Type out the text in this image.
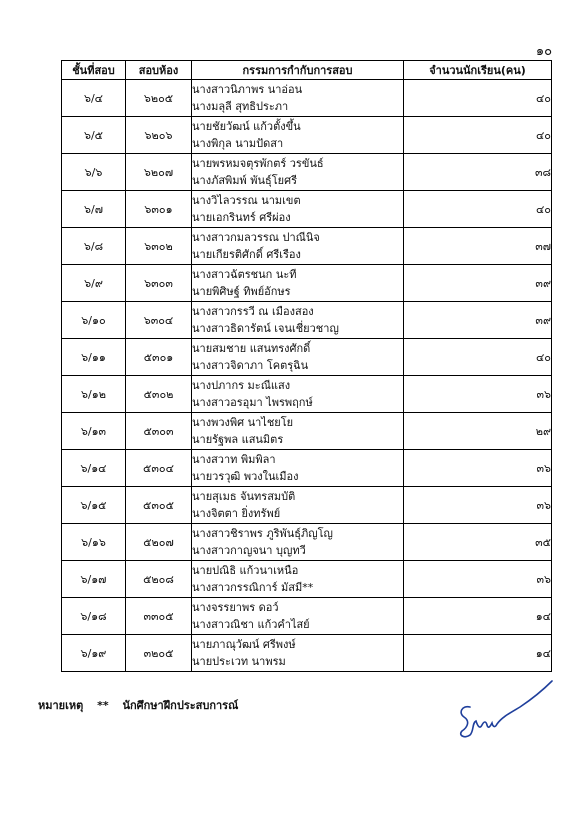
๑๐
ชั้นที่สอบ	สอบห้อง	กรรมการกำกับการสอบ	จำนวนนักเรียน(คน)
๖/๔	๖๒๐๕	นางสาวนิภาพร นาอ่อน
นางมลุลี สุทธิประภา	๔๐
๖/๕	๖๒๐๖	นายชัยวัฒน์ แก้วตั้งขึ้น
นางพิกุล นามปัดสา	๔๐
๖/๖	๖๒๐๗	นายพรหมจตุรพักตร์ วรขันธ์
นางภัสพิมพ์ พันธุ์โยศรี	๓๘
๖/๗	๖๓๐๑	นางวิไลวรรณ นามเขต
นายเอกรินทร์ ศรีผ่อง	๔๐
๖/๘	๖๓๐๒	นางสาวกมลวรรณ ปาณีนิจ
นายเกียรติศักดิ์ ศรีเรือง	๓๗
๖/๙	๖๓๐๓	นางสาวฉัตรชนก นะที
นายพิศิษฐ์ ทิพย์อักษร	๓๙
๖/๑๐	๖๓๐๔	นางสาวกรรวี ณ เมืองสอง
นางสาวธิดารัตน์ เจนเชี่ยวชาญ	๓๙
๖/๑๑	๕๓๐๑	นายสมชาย แสนทรงศักดิ์
นางสาวจิดาภา โคตรุฉิน	๔๐
๖/๑๒	๕๓๐๒	นางปภากร มะณีแสง
นางสาวอรอุมา ไพรพฤกษ์	๓๖
๖/๑๓	๕๓๐๓	นางพวงพิศ นาไชยโย
นายรัฐพล แสนมิตร	๒๙
๖/๑๔	๕๓๐๔	นางสวาท พิมพิลา
นายวรวุฒิ พวงในเมือง	๓๖
๖/๑๕	๕๓๐๕	นายสุเมธ จันทรสมบัติ
นางจิตตา ยิ่งทรัพย์	๓๖
๖/๑๖	๕๒๐๗	นางสาวชิราพร ภูริพันธุ์ภิญโญ
นางสาวกาญจนา บุญทวี	๓๕
๖/๑๗	๕๒๐๘	นายปณิธิ แก้วนาเหนือ
นางสาวกรรณิการ์ มัสมี**	๓๖
๖/๑๘	๓๓๐๕	นางจรรยาพร ดอว์
นางสาวณิชา แก้วคำไสย์	๑๔
๖/๑๙	๓๒๐๕	นายภาณุวัฒน์ ศรีพงษ์
นายประเวท นาพรม	๑๔
หมายเหตุ ** นักศึกษาฝึกประสบการณ์
